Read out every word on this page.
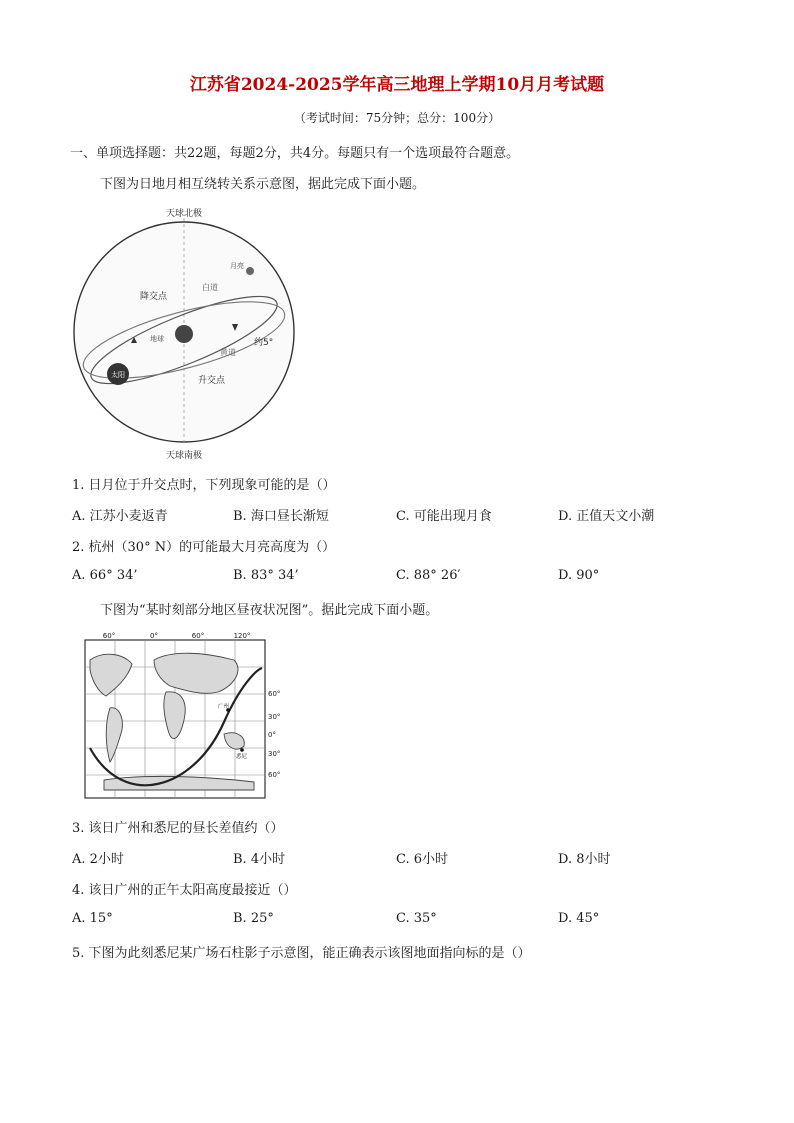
江苏省2024-2025学年高三地理上学期10月月考试题
（考试时间：75分钟；总分：100分）
一、单项选择题：共22题，每题2分，共4分。每题只有一个选项最符合题意。
下图为日地月相互绕转关系示意图，据此完成下面小题。
天球北极
天球南极
白道
月亮
降交点
升交点
地球
黄道
约5°
太阳
1. 日月位于升交点时，下列现象可能的是（）
A. 江苏小麦返青	B. 海口昼长渐短	C. 可能出现月食	D. 正值天文小潮
2. 杭州（30° N）的可能最大月亮高度为（）
A. 66° 34’	B. 83° 34’	C. 88° 26′	D. 90°
下图为“某时刻部分地区昼夜状况图”。据此完成下面小题。
广州
悉尼
60°	0°	60°	120°
60°
30°
0°
30°
60°
3. 该日广州和悉尼的昼长差值约（）
A. 2小时	B. 4小时	C. 6小时	D. 8小时
4. 该日广州的正午太阳高度最接近（）
A. 15°	B. 25°	C. 35°	D. 45°
5. 下图为此刻悉尼某广场石柱影子示意图，能正确表示该图地面指向标的是（）
